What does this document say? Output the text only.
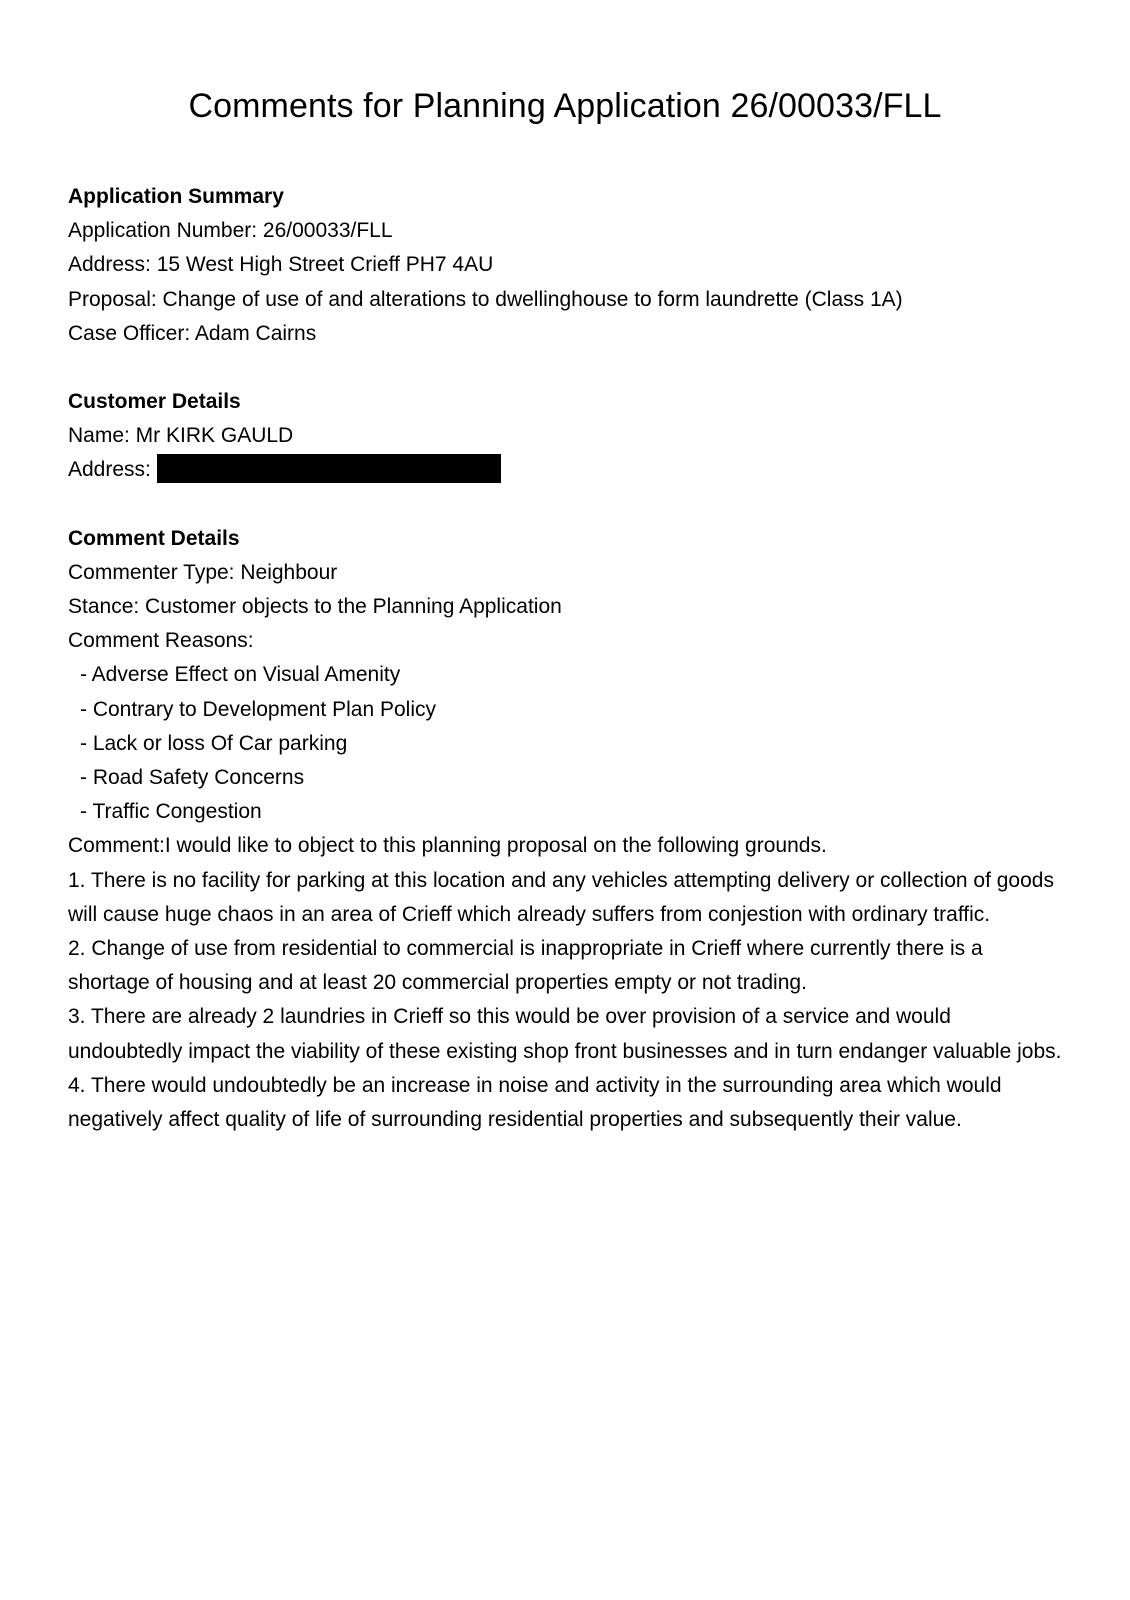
Comments for Planning Application 26/00033/FLL

Application Summary

Application Number: 26/00033/FLL

Address: 15 West High Street Crieff PH7 4AU

Proposal: Change of use of and alterations to dwellinghouse to form laundrette (Class 1A)

Case Officer: Adam Cairns

Customer Details

Name: Mr KIRK GAULD

Address:

Comment Details

Commenter Type: Neighbour

Stance: Customer objects to the Planning Application

Comment Reasons:

- Adverse Effect on Visual Amenity
- Contrary to Development Plan Policy
- Lack or loss Of Car parking
- Road Safety Concerns
- Traffic Congestion

Comment:I would like to object to this planning proposal on the following grounds.

1. There is no facility for parking at this location and any vehicles attempting delivery or collection of goods will cause huge chaos in an area of Crieff which already suffers from conjestion with ordinary traffic.

2. Change of use from residential to commercial is inappropriate in Crieff where currently there is a shortage of housing and at least 20 commercial properties empty or not trading.

3. There are already 2 laundries in Crieff so this would be over provision of a service and would undoubtedly impact the viability of these existing shop front businesses and in turn endanger valuable jobs.

4. There would undoubtedly be an increase in noise and activity in the surrounding area which would negatively affect quality of life of surrounding residential properties and subsequently their value.
